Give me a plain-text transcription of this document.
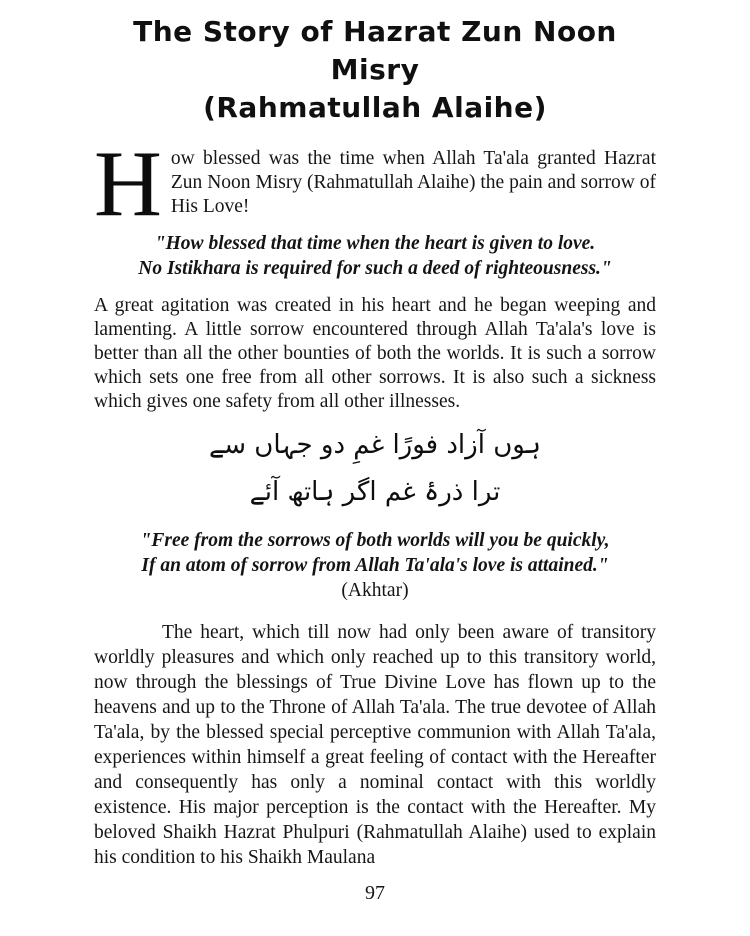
The Story of Hazrat Zun Noon Misry
(Rahmatullah Alaihe)

H ow blessed was the time when Allah Ta'ala granted Hazrat Zun Noon Misry (Rahmatullah Alaihe) the pain and sorrow of His Love!

"How blessed that time when the heart is given to love.
No Istikhara is required for such a deed of righteousness."

A great agitation was created in his heart and he began weeping and lamenting. A little sorrow encountered through Allah Ta'ala's love is better than all the other bounties of both the worlds. It is such a sorrow which sets one free from all other sorrows. It is also such a sickness which gives one safety from all other illnesses.

ہوں آزاد فورًا غمِ دو جہاں سے
ترا ذرۂ غم اگر ہاتھ آئے
"Free from the sorrows of both worlds will you be quickly,
If an atom of sorrow from Allah Ta'ala's love is attained."
(Akhtar)

The heart, which till now had only been aware of transitory worldly pleasures and which only reached up to this transitory world, now through the blessings of True Divine Love has flown up to the heavens and up to the Throne of Allah Ta'ala. The true devotee of Allah Ta'ala, by the blessed special perceptive communion with Allah Ta'ala, experiences within himself a great feeling of contact with the Hereafter and consequently has only a nominal contact with this worldly existence. His major perception is the contact with the Hereafter. My beloved Shaikh Hazrat Phulpuri (Rahmatullah Alaihe) used to explain his condition to his Shaikh Maulana

97
